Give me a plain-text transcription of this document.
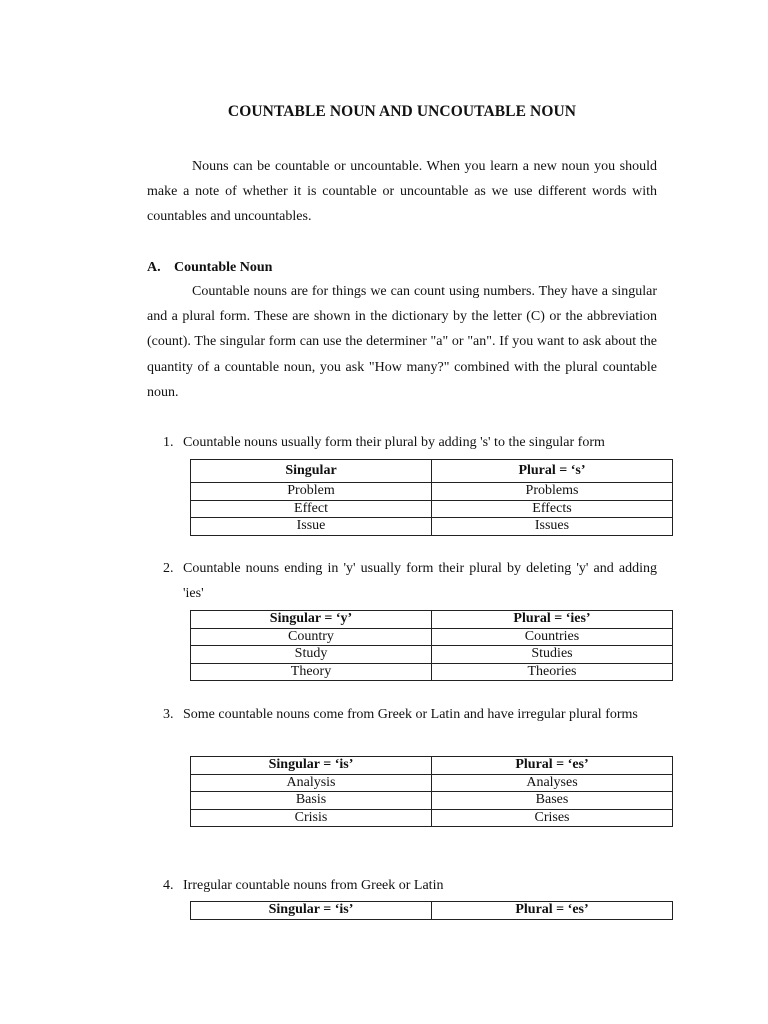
COUNTABLE NOUN AND UNCOUTABLE NOUN

Nouns can be countable or uncountable. When you learn a new noun you should make a note of whether it is countable or uncountable as we use different words with countables and uncountables.

A. Countable Noun

Countable nouns are for things we can count using numbers. They have a singular and a plural form. These are shown in the dictionary by the letter (C) or the abbreviation (count). The singular form can use the determiner "a" or "an". If you want to ask about the quantity of a countable noun, you ask "How many?" combined with the plural countable noun.

1. Countable nouns usually form their plural by adding 's' to the singular form
Singular	Plural = ‘s’
Problem	Problems
Effect	Effects
Issue	Issues
2. Countable nouns ending in 'y' usually form their plural by deleting 'y' and adding 'ies'
Singular = ‘y’	Plural = ‘ies’
Country	Countries
Study	Studies
Theory	Theories
3. Some countable nouns come from Greek or Latin and have irregular plural forms
Singular = ‘is’	Plural = ‘es’
Analysis	Analyses
Basis	Bases
Crisis	Crises
4. Irregular countable nouns from Greek or Latin
Singular = ‘is’	Plural = ‘es’
